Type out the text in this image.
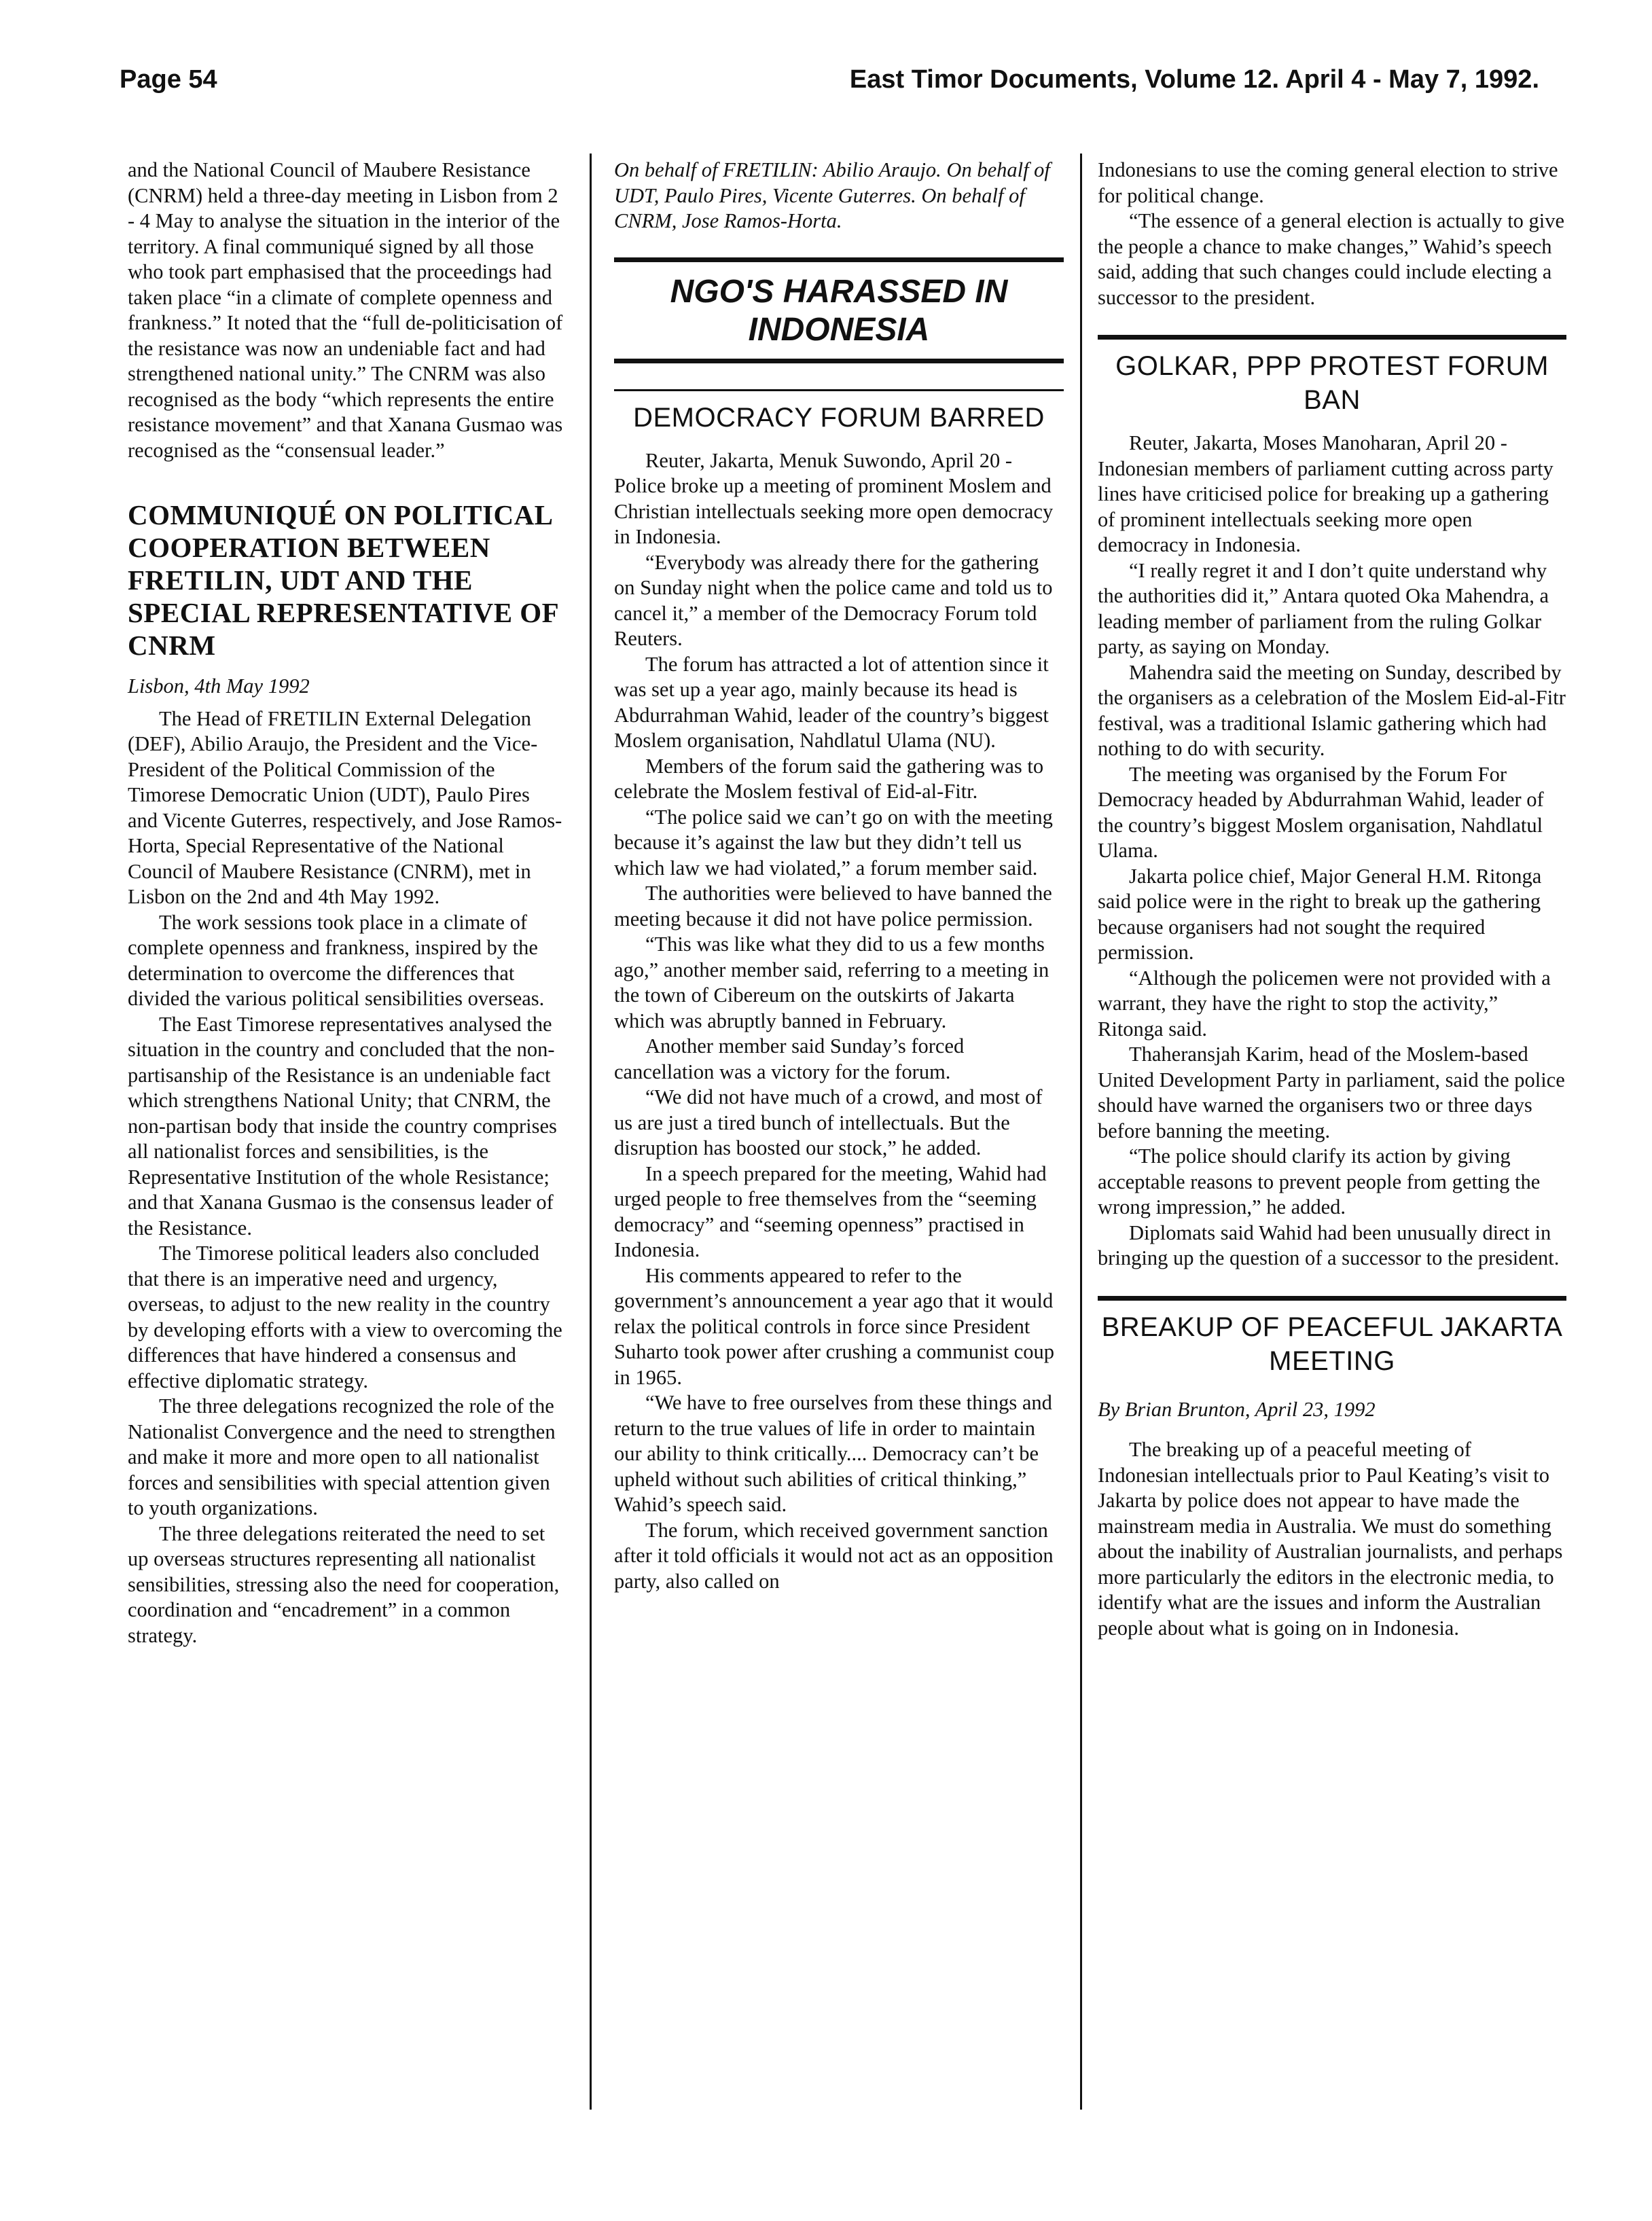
Page 54	East Timor Documents, Volume 12. April 4 - May 7, 1992.

and the National Council of Maubere Resistance (CNRM) held a three-day meeting in Lisbon from 2 - 4 May to analyse the situation in the interior of the territory. A final communiqué signed by all those who took part emphasised that the proceedings had taken place “in a climate of complete openness and frankness.” It noted that the “full de-politicisation of the resistance was now an undeniable fact and had strengthened national unity.” The CNRM was also recognised as the body “which represents the entire resistance movement” and that Xanana Gusmao was recognised as the “consensual leader.”

COMMUNIQUÉ ON POLITICAL COOPERATION BETWEEN FRETILIN, UDT AND THE SPECIAL REPRESENTATIVE OF CNRM
Lisbon, 4th May 1992

The Head of FRETILIN External Delegation (DEF), Abilio Araujo, the President and the Vice-President of the Political Commission of the Timorese Democratic Union (UDT), Paulo Pires and Vicente Guterres, respectively, and Jose Ramos-Horta, Special Representative of the National Council of Maubere Resistance (CNRM), met in Lisbon on the 2nd and 4th May 1992.

The work sessions took place in a climate of complete openness and frankness, inspired by the determination to overcome the differences that divided the various political sensibilities overseas.

The East Timorese representatives analysed the situation in the country and concluded that the non-partisanship of the Resistance is an undeniable fact which strengthens National Unity; that CNRM, the non-partisan body that inside the country comprises all nationalist forces and sensibilities, is the Representative Institution of the whole Resistance; and that Xanana Gusmao is the consensus leader of the Resistance.

The Timorese political leaders also concluded that there is an imperative need and urgency, overseas, to adjust to the new reality in the country by developing efforts with a view to overcoming the differences that have hindered a consensus and effective diplomatic strategy.

The three delegations recognized the role of the Nationalist Convergence and the need to strengthen and make it more and more open to all nationalist forces and sensibilities with special attention given to youth organizations.

The three delegations reiterated the need to set up overseas structures representing all nationalist sensibilities, stressing also the need for cooperation, coordination and “encadrement” in a common strategy.

On behalf of FRETILIN: Abilio Araujo. On behalf of UDT, Paulo Pires, Vicente Guterres. On behalf of CNRM, Jose Ramos-Horta.

NGO'S HARASSED IN INDONESIA
DEMOCRACY FORUM BARRED

Reuter, Jakarta, Menuk Suwondo, April 20 - Police broke up a meeting of prominent Moslem and Christian intellectuals seeking more open democracy in Indonesia.

“Everybody was already there for the gathering on Sunday night when the police came and told us to cancel it,” a member of the Democracy Forum told Reuters.

The forum has attracted a lot of attention since it was set up a year ago, mainly because its head is Abdurrahman Wahid, leader of the country’s biggest Moslem organisation, Nahdlatul Ulama (NU).

Members of the forum said the gathering was to celebrate the Moslem festival of Eid-al-Fitr.

“The police said we can’t go on with the meeting because it’s against the law but they didn’t tell us which law we had violated,” a forum member said.

The authorities were believed to have banned the meeting because it did not have police permission.

“This was like what they did to us a few months ago,” another member said, referring to a meeting in the town of Cibereum on the outskirts of Jakarta which was abruptly banned in February.

Another member said Sunday’s forced cancellation was a victory for the forum.

“We did not have much of a crowd, and most of us are just a tired bunch of intellectuals. But the disruption has boosted our stock,” he added.

In a speech prepared for the meeting, Wahid had urged people to free themselves from the “seeming democracy” and “seeming openness” practised in Indonesia.

His comments appeared to refer to the government’s announcement a year ago that it would relax the political controls in force since President Suharto took power after crushing a communist coup in 1965.

“We have to free ourselves from these things and return to the true values of life in order to maintain our ability to think critically.... Democracy can’t be upheld without such abilities of critical thinking,” Wahid’s speech said.

The forum, which received government sanction after it told officials it would not act as an opposition party, also called on

Indonesians to use the coming general election to strive for political change.

“The essence of a general election is actually to give the people a chance to make changes,” Wahid’s speech said, adding that such changes could include electing a successor to the president.

GOLKAR, PPP PROTEST FORUM BAN

Reuter, Jakarta, Moses Manoharan, April 20 - Indonesian members of parliament cutting across party lines have criticised police for breaking up a gathering of prominent intellectuals seeking more open democracy in Indonesia.

“I really regret it and I don’t quite understand why the authorities did it,” Antara quoted Oka Mahendra, a leading member of parliament from the ruling Golkar party, as saying on Monday.

Mahendra said the meeting on Sunday, described by the organisers as a celebration of the Moslem Eid-al-Fitr festival, was a traditional Islamic gathering which had nothing to do with security.

The meeting was organised by the Forum For Democracy headed by Abdurrahman Wahid, leader of the country’s biggest Moslem organisation, Nahdlatul Ulama.

Jakarta police chief, Major General H.M. Ritonga said police were in the right to break up the gathering because organisers had not sought the required permission.

“Although the policemen were not provided with a warrant, they have the right to stop the activity,” Ritonga said.

Thaheransjah Karim, head of the Moslem-based United Development Party in parliament, said the police should have warned the organisers two or three days before banning the meeting.

“The police should clarify its action by giving acceptable reasons to prevent people from getting the wrong impression,” he added.

Diplomats said Wahid had been unusually direct in bringing up the question of a successor to the president.

BREAKUP OF PEACEFUL JAKARTA MEETING
By Brian Brunton, April 23, 1992

The breaking up of a peaceful meeting of Indonesian intellectuals prior to Paul Keating’s visit to Jakarta by police does not appear to have made the mainstream media in Australia. We must do something about the inability of Australian journalists, and perhaps more particularly the editors in the electronic media, to identify what are the issues and inform the Australian people about what is going on in Indonesia.
